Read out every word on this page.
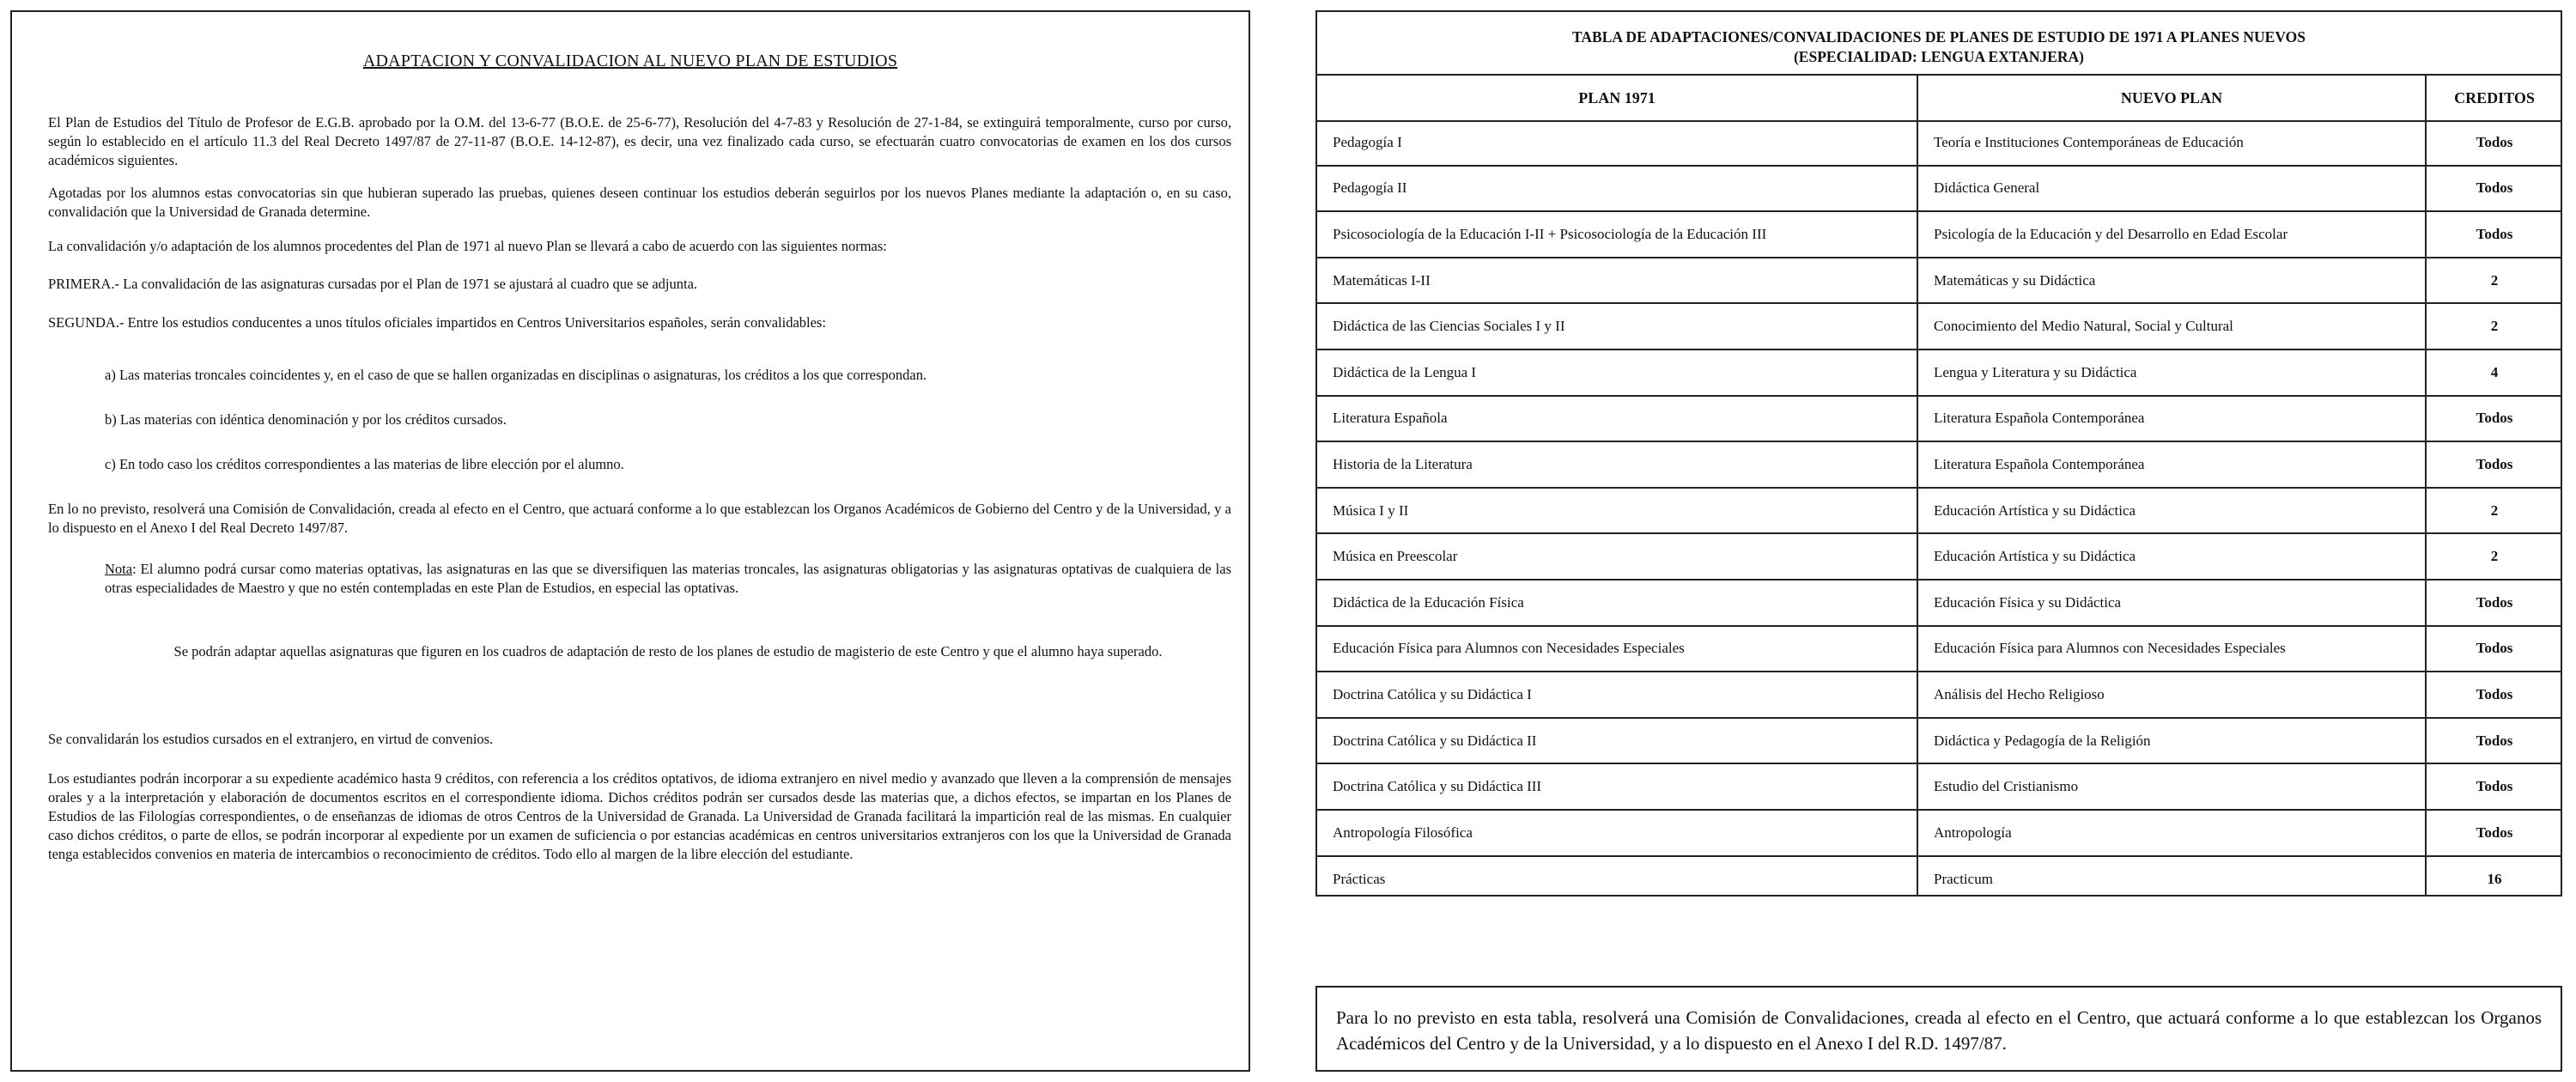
ADAPTACION Y CONVALIDACION AL NUEVO PLAN DE ESTUDIOS
El Plan de Estudios del Título de Profesor de E.G.B. aprobado por la O.M. del 13-6-77 (B.O.E. de 25-6-77), Resolución del 4-7-83 y Resolución de 27-1-84, se extinguirá temporalmente, curso por curso, según lo establecido en el artículo 11.3 del Real Decreto 1497/87 de 27-11-87 (B.O.E. 14-12-87), es decir, una vez finalizado cada curso, se efectuarán cuatro convocatorias de examen en los dos cursos académicos siguientes.
Agotadas por los alumnos estas convocatorias sin que hubieran superado las pruebas, quienes deseen continuar los estudios deberán seguirlos por los nuevos Planes mediante la adaptación o, en su caso, convalidación que la Universidad de Granada determine.
La convalidación y/o adaptación de los alumnos procedentes del Plan de 1971 al nuevo Plan se llevará a cabo de acuerdo con las siguientes normas:
PRIMERA.- La convalidación de las asignaturas cursadas por el Plan de 1971 se ajustará al cuadro que se adjunta.
SEGUNDA.- Entre los estudios conducentes a unos títulos oficiales impartidos en Centros Universitarios españoles, serán convalidables:
a) Las materias troncales coincidentes y, en el caso de que se hallen organizadas en disciplinas o asignaturas, los créditos a los que correspondan.
b) Las materias con idéntica denominación y por los créditos cursados.
c) En todo caso los créditos correspondientes a las materias de libre elección por el alumno.
En lo no previsto, resolverá una Comisión de Convalidación, creada al efecto en el Centro, que actuará conforme a lo que establezcan los Organos Académicos de Gobierno del Centro y de la Universidad, y a lo dispuesto en el Anexo I del Real Decreto 1497/87.
Nota: El alumno podrá cursar como materias optativas, las asignaturas en las que se diversifiquen las materias troncales, las asignaturas obligatorias y las asignaturas optativas de cualquiera de las otras especialidades de Maestro y que no estén contempladas en este Plan de Estudios, en especial las optativas.
Se podrán adaptar aquellas asignaturas que figuren en los cuadros de adaptación de resto de los planes de estudio de magisterio de este Centro y que el alumno haya superado.
Se convalidarán los estudios cursados en el extranjero, en virtud de convenios.
Los estudiantes podrán incorporar a su expediente académico hasta 9 créditos, con referencia a los créditos optativos, de idioma extranjero en nivel medio y avanzado que lleven a la comprensión de mensajes orales y a la interpretación y elaboración de documentos escritos en el correspondiente idioma. Dichos créditos podrán ser cursados desde las materias que, a dichos efectos, se impartan en los Planes de Estudios de las Filologías correspondientes, o de enseñanzas de idiomas de otros Centros de la Universidad de Granada. La Universidad de Granada facilitará la impartición real de las mismas. En cualquier caso dichos créditos, o parte de ellos, se podrán incorporar al expediente por un examen de suficiencia o por estancias académicas en centros universitarios extranjeros con los que la Universidad de Granada tenga establecidos convenios en materia de intercambios o reconocimiento de créditos. Todo ello al margen de la libre elección del estudiante.
TABLA DE ADAPTACIONES/CONVALIDACIONES DE PLANES DE ESTUDIO DE 1971 A PLANES NUEVOS
(ESPECIALIDAD: LENGUA EXTANJERA)
PLAN 1971	NUEVO PLAN	CREDITOS
Pedagogía I	Teoría e Instituciones Contemporáneas de Educación	Todos
Pedagogía II	Didáctica General	Todos
Psicosociología de la Educación I-II + Psicosociología de la Educación III	Psicología de la Educación y del Desarrollo en Edad Escolar	Todos
Matemáticas I-II	Matemáticas y su Didáctica	2
Didáctica de las Ciencias Sociales I y II	Conocimiento del Medio Natural, Social y Cultural	2
Didáctica de la Lengua I	Lengua y Literatura y su Didáctica	4
Literatura Española	Literatura Española Contemporánea	Todos
Historia de la Literatura	Literatura Española Contemporánea	Todos
Música I y II	Educación Artística y su Didáctica	2
Música en Preescolar	Educación Artística y su Didáctica	2
Didáctica de la Educación Física	Educación Física y su Didáctica	Todos
Educación Física para Alumnos con Necesidades Especiales	Educación Física para Alumnos con Necesidades Especiales	Todos
Doctrina Católica y su Didáctica I	Análisis del Hecho Religioso	Todos
Doctrina Católica y su Didáctica II	Didáctica y Pedagogía de la Religión	Todos
Doctrina Católica y su Didáctica III	Estudio del Cristianismo	Todos
Antropología Filosófica	Antropología	Todos
Prácticas	Practicum	16
Para lo no previsto en esta tabla, resolverá una Comisión de Convalidaciones, creada al efecto en el Centro, que actuará conforme a lo que establezcan los Organos Académicos del Centro y de la Universidad, y a lo dispuesto en el Anexo I del R.D. 1497/87.
